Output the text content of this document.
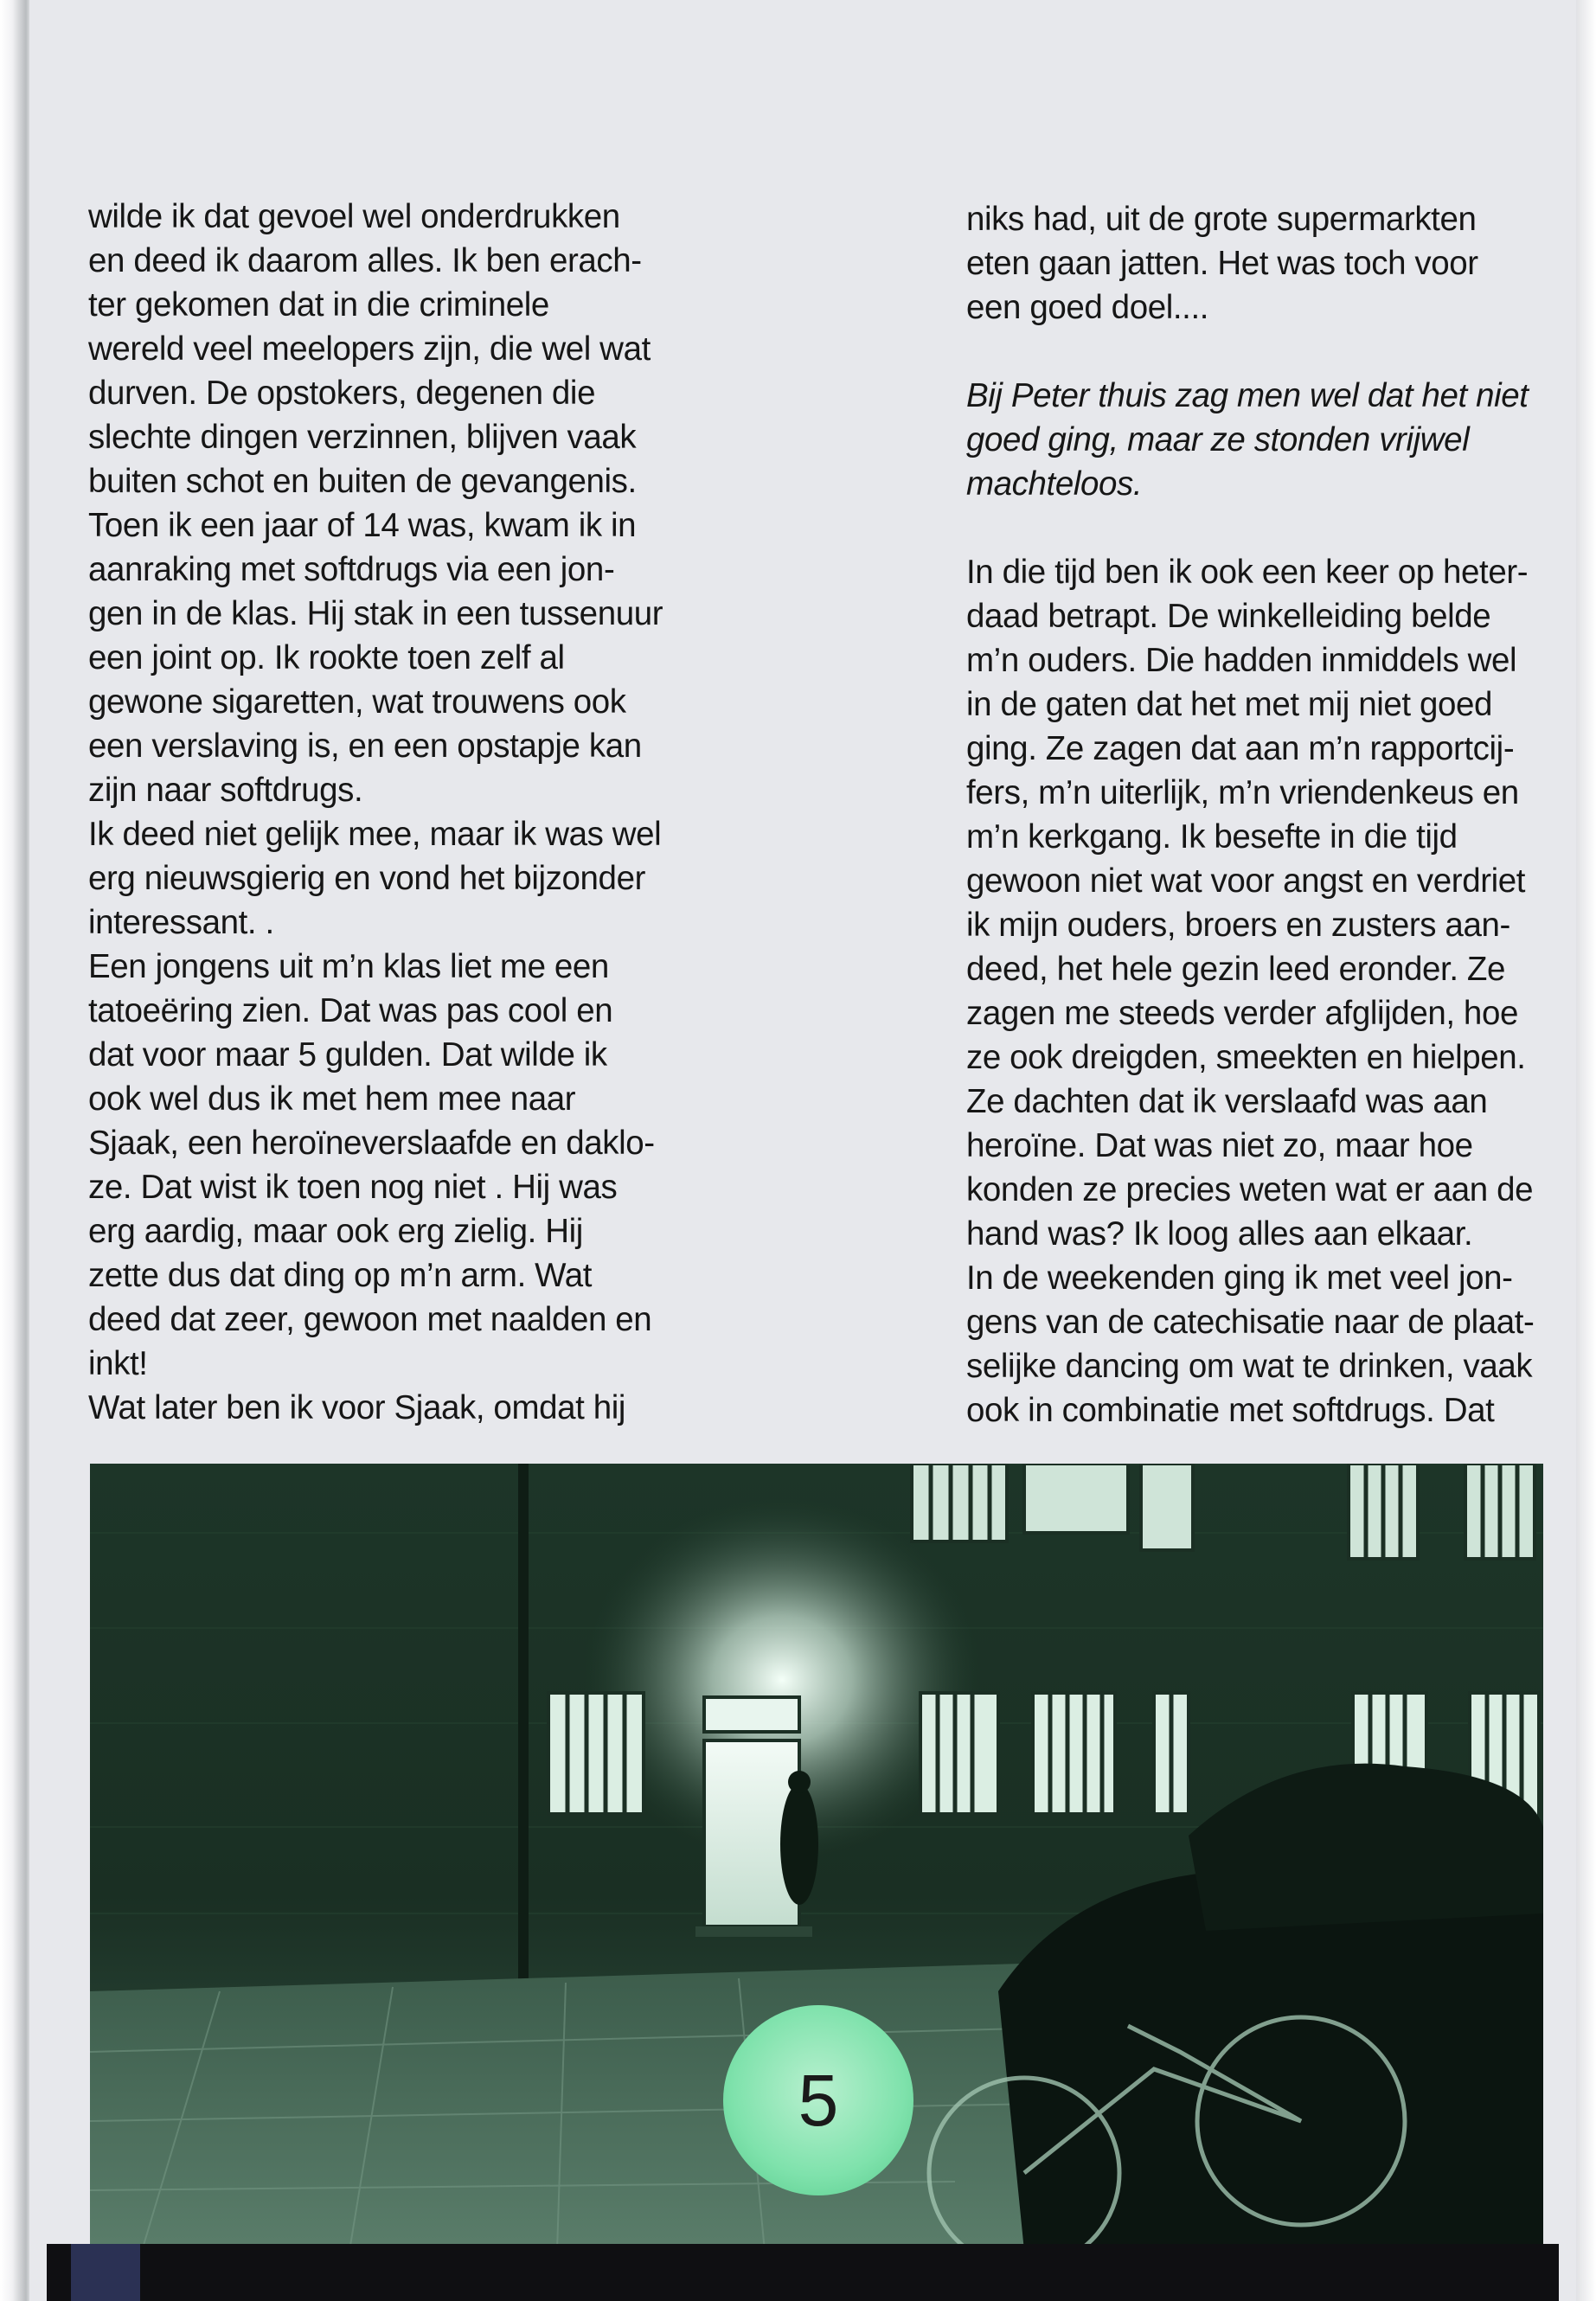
wilde ik dat gevoel wel onderdrukken

en deed ik daarom alles. Ik ben erach-

ter gekomen dat in die criminele

wereld veel meelopers zijn, die wel wat

durven. De opstokers, degenen die

slechte dingen verzinnen, blijven vaak

buiten schot en buiten de gevangenis.

Toen ik een jaar of 14 was, kwam ik in

aanraking met softdrugs via een jon-

gen in de klas. Hij stak in een tussenuur

een joint op. Ik rookte toen zelf al

gewone sigaretten, wat trouwens ook

een verslaving is, en een opstapje kan

zijn naar softdrugs.

Ik deed niet gelijk mee, maar ik was wel

erg nieuwsgierig en vond het bijzonder

interessant. .

Een jongens uit m’n klas liet me een

tatoeëring zien. Dat was pas cool en

dat voor maar 5 gulden. Dat wilde ik

ook wel dus ik met hem mee naar

Sjaak, een heroïneverslaafde en daklo-

ze. Dat wist ik toen nog niet . Hij was

erg aardig, maar ook erg zielig. Hij

zette dus dat ding op m’n arm. Wat

deed dat zeer, gewoon met naalden en

inkt!

Wat later ben ik voor Sjaak, omdat hij

niks had, uit de grote supermarkten

eten gaan jatten. Het was toch voor

een goed doel....

Bij Peter thuis zag men wel dat het niet

goed ging, maar ze stonden vrijwel

machteloos.

In die tijd ben ik ook een keer op heter-

daad betrapt. De winkelleiding belde

m’n ouders. Die hadden inmiddels wel

in de gaten dat het met mij niet goed

ging. Ze zagen dat aan m’n rapportcij-

fers, m’n uiterlijk, m’n vriendenkeus en

m’n kerkgang. Ik besefte in die tijd

gewoon niet wat voor angst en verdriet

ik mijn ouders, broers en zusters aan-

deed, het hele gezin leed eronder. Ze

zagen me steeds verder afglijden, hoe

ze ook dreigden, smeekten en hielpen.

Ze dachten dat ik verslaafd was aan

heroïne. Dat was niet zo, maar hoe

konden ze precies weten wat er aan de

hand was? Ik loog alles aan elkaar.

In de weekenden ging ik met veel jon-

gens van de catechisatie naar de plaat-

selijke dancing om wat te drinken, vaak

ook in combinatie met softdrugs. Dat

5
